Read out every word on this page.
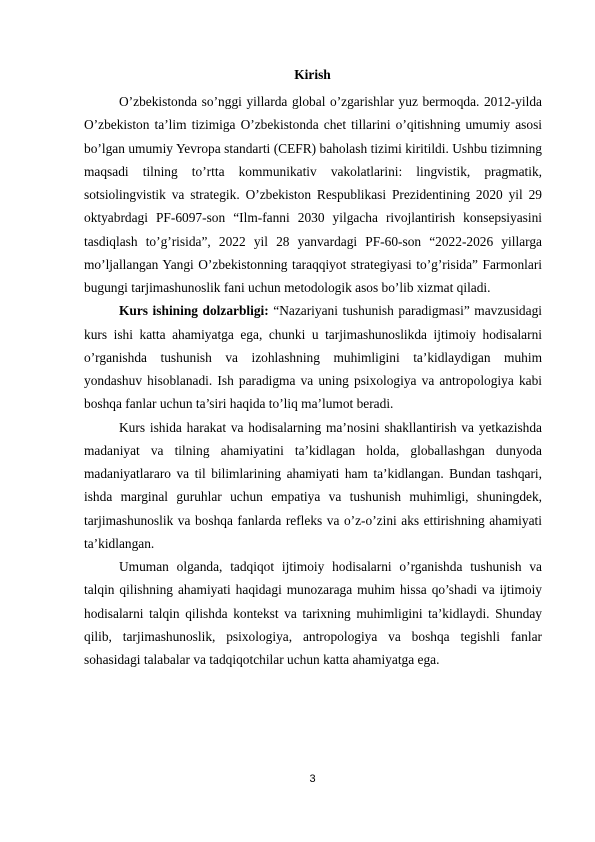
Kirish

O’zbekistonda so’nggi yillarda global o’zgarishlar yuz bermoqda. 2012-yilda O’zbekiston ta’lim tizimiga O’zbekistonda chet tillarini o’qitishning umumiy asosi bo’lgan umumiy Yevropa standarti (CEFR) baholash tizimi kiritildi. Ushbu tizimning maqsadi tilning to’rtta kommunikativ vakolatlarini: lingvistik, pragmatik, sotsiolingvistik va strategik. O’zbekiston Respublikasi Prezidentining 2020 yil 29 oktyabrdagi PF-6097-son “Ilm-fanni 2030 yilgacha rivojlantirish konsepsiyasini tasdiqlash to’g’risida”, 2022 yil 28 yanvardagi PF-60-son “2022-2026 yillarga mo’ljallangan Yangi O’zbekistonning taraqqiyot strategiyasi to’g’risida” Farmonlari bugungi tarjimashunoslik fani uchun metodologik asos bo’lib xizmat qiladi.

Kurs ishining dolzarbligi: “Nazariyani tushunish paradigmasi” mavzusidagi kurs ishi katta ahamiyatga ega, chunki u tarjimashunoslikda ijtimoiy hodisalarni o’rganishda tushunish va izohlashning muhimligini ta’kidlaydigan muhim yondashuv hisoblanadi. Ish paradigma va uning psixologiya va antropologiya kabi boshqa fanlar uchun ta’siri haqida to’liq ma’lumot beradi.

Kurs ishida harakat va hodisalarning ma’nosini shakllantirish va yetkazishda madaniyat va tilning ahamiyatini ta’kidlagan holda, globallashgan dunyoda madaniyatlararo va til bilimlarining ahamiyati ham ta’kidlangan. Bundan tashqari, ishda marginal guruhlar uchun empatiya va tushunish muhimligi, shuningdek, tarjimashunoslik va boshqa fanlarda refleks va o’z-o’zini aks ettirishning ahamiyati ta’kidlangan.

Umuman olganda, tadqiqot ijtimoiy hodisalarni o’rganishda tushunish va talqin qilishning ahamiyati haqidagi munozaraga muhim hissa qo’shadi va ijtimoiy hodisalarni talqin qilishda kontekst va tarixning muhimligini ta’kidlaydi. Shunday qilib, tarjimashunoslik, psixologiya, antropologiya va boshqa tegishli fanlar sohasidagi talabalar va tadqiqotchilar uchun katta ahamiyatga ega.

3
